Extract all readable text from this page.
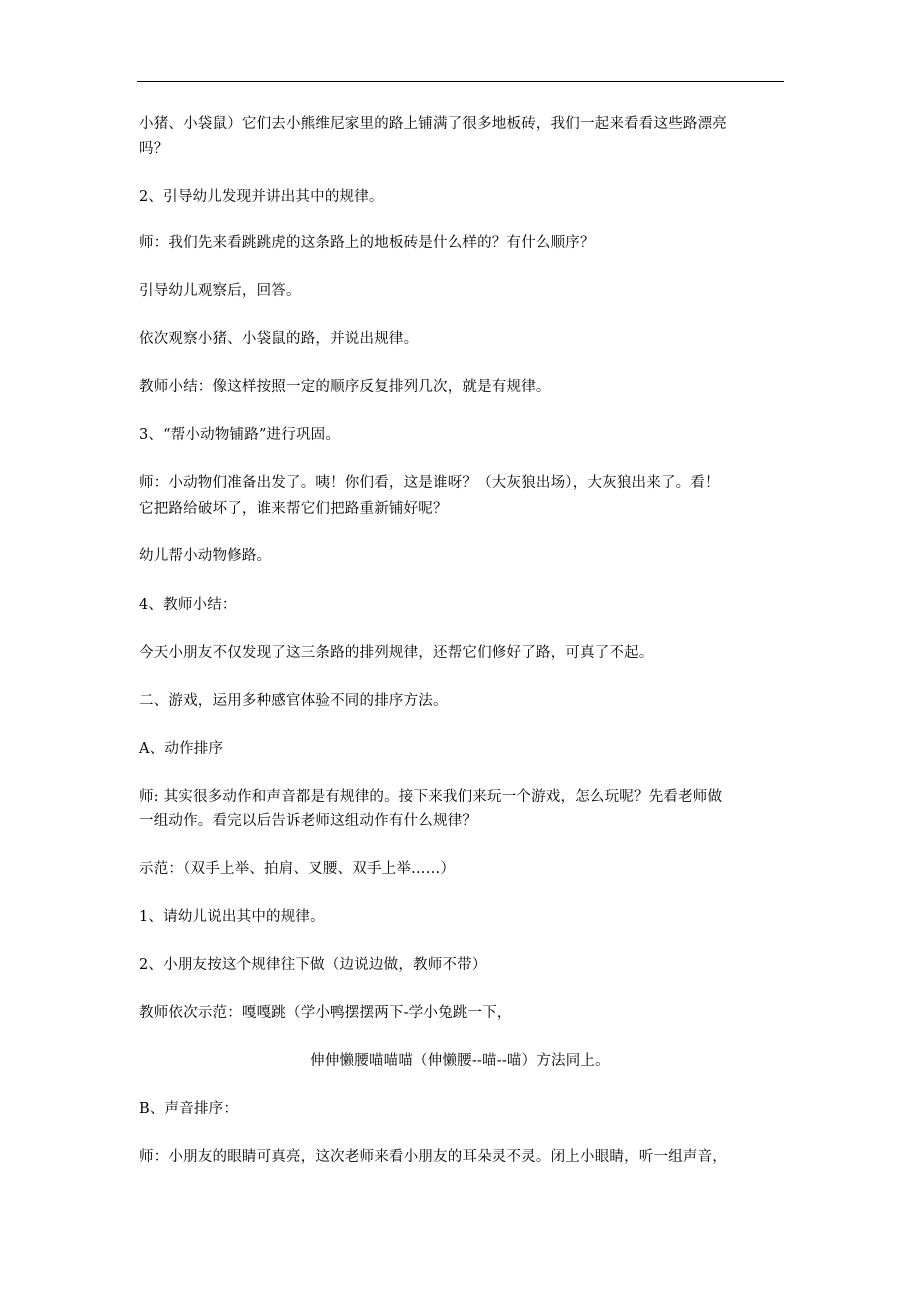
小猪、小袋鼠）它们去小熊维尼家里的路上铺满了很多地板砖，我们一起来看看这些路漂亮
吗？
2、引导幼儿发现并讲出其中的规律。
师：我们先来看跳跳虎的这条路上的地板砖是什么样的？有什么顺序？
引导幼儿观察后，回答。
依次观察小猪、小袋鼠的路，并说出规律。
教师小结：像这样按照一定的顺序反复排列几次，就是有规律。
3、“帮小动物铺路”进行巩固。
师：小动物们准备出发了。咦！你们看，这是谁呀？（大灰狼出场），大灰狼出来了。看！
它把路给破坏了，谁来帮它们把路重新铺好呢？
幼儿帮小动物修路。
4、教师小结：
今天小朋友不仅发现了这三条路的排列规律，还帮它们修好了路，可真了不起。
二、游戏，运用多种感官体验不同的排序方法。
A、动作排序
师: 其实很多动作和声音都是有规律的。接下来我们来玩一个游戏，怎么玩呢？先看老师做
一组动作。看完以后告诉老师这组动作有什么规律？
示范：（双手上举、拍肩、叉腰、双手上举……）
1、请幼儿说出其中的规律。
2、小朋友按这个规律往下做（边说边做，教师不带）
教师依次示范：嘎嘎跳（学小鸭摆摆两下-学小兔跳一下，
伸伸懒腰喵喵喵（伸懒腰--喵--喵）方法同上。
B、声音排序：
师：小朋友的眼睛可真亮，这次老师来看小朋友的耳朵灵不灵。闭上小眼睛，听一组声音，
